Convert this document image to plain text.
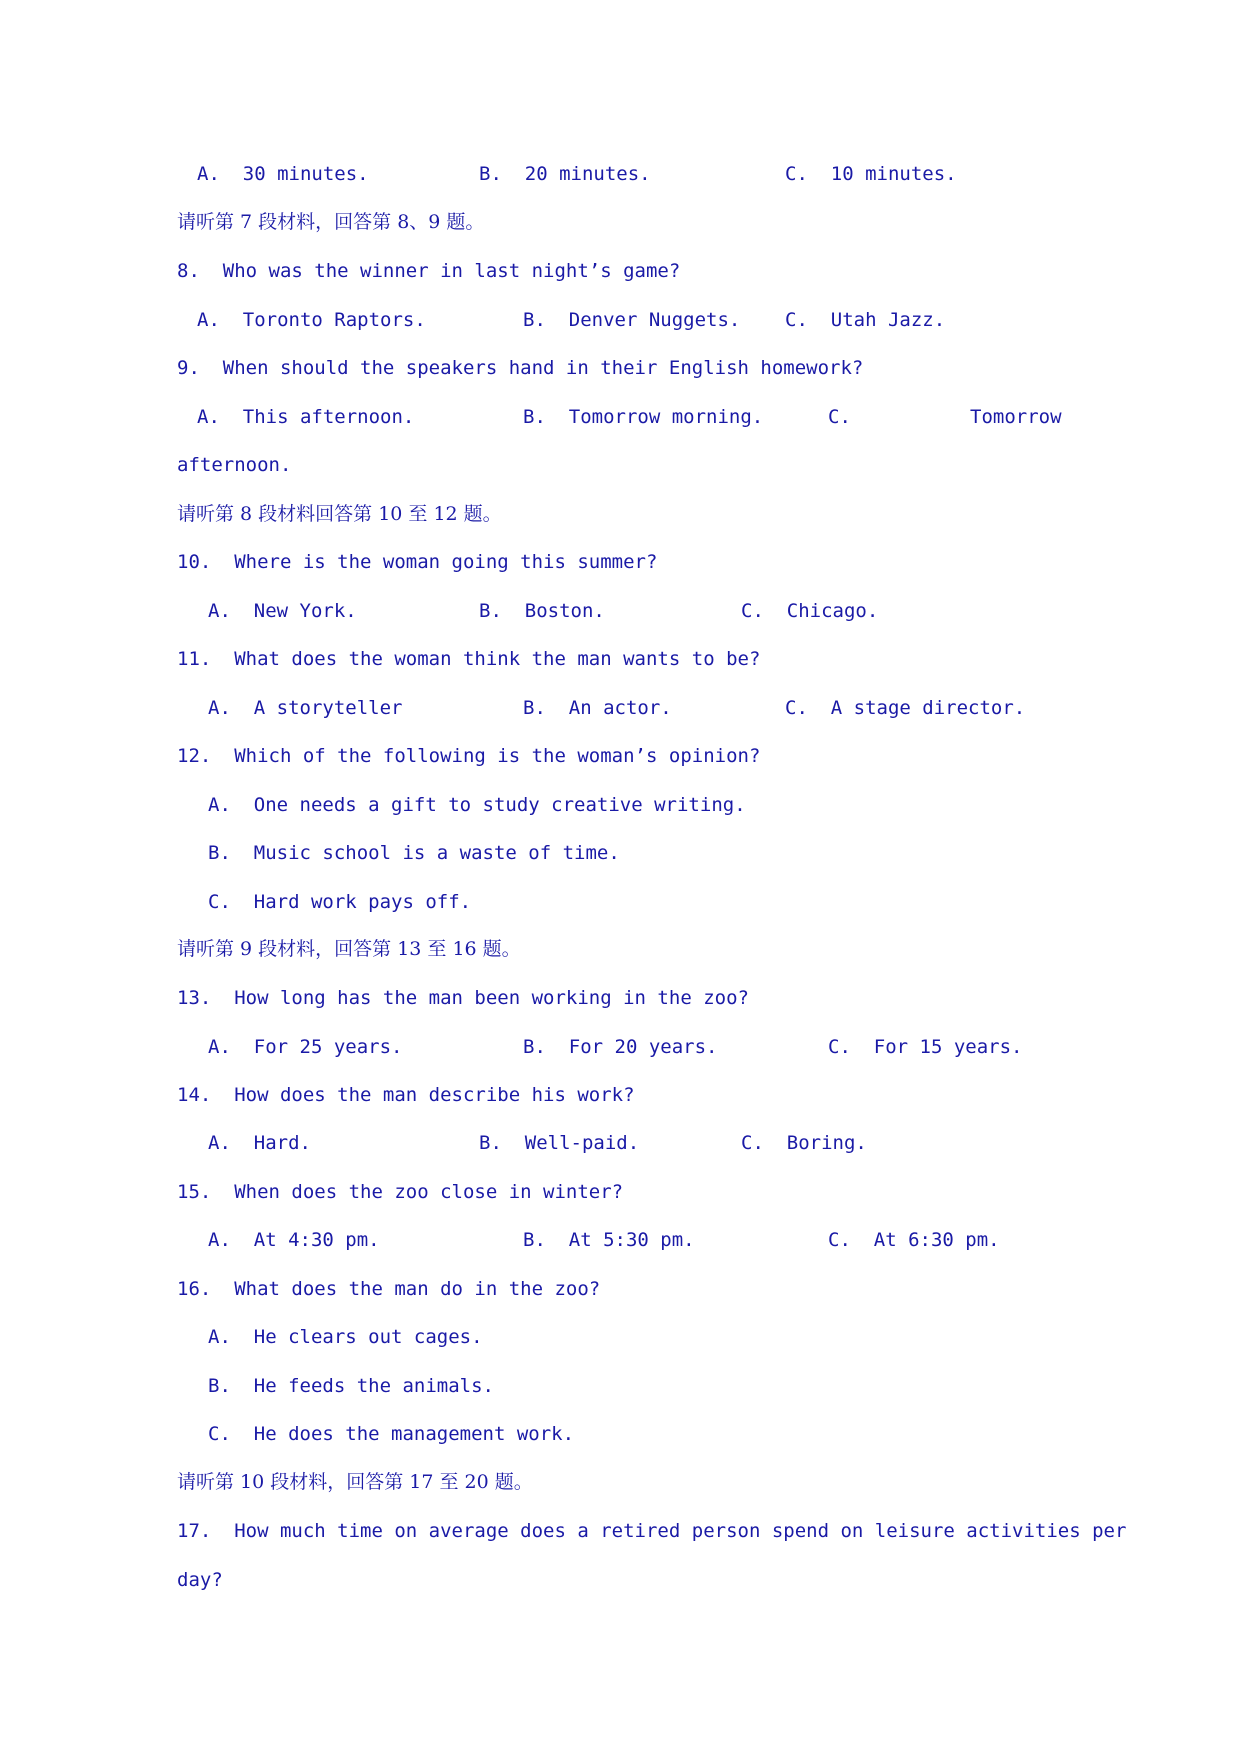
A.  30 minutes.	B.  20 minutes.	C.  10 minutes.
请听第 7 段材料，回答第 8、9 题。
8.  Who was the winner in last night’s game?
A.  Toronto Raptors.	B.  Denver Nuggets. C.  Utah Jazz.
9.  When should the speakers hand in their English homework?
A.  This afternoon.	B.  Tomorrow morning.	C.	Tomorrow
afternoon.
请听第 8 段材料回答第 10 至 12 题。
10.  Where is the woman going this summer?
A.  New York.	B.  Boston.	C.  Chicago.
11.  What does the woman think the man wants to be?
A.  A storyteller	B.  An actor.	C.  A stage director.
12.  Which of the following is the woman’s opinion?
A.  One needs a gift to study creative writing.
B.  Music school is a waste of time.
C.  Hard work pays off.
请听第 9 段材料，回答第 13 至 16 题。
13.  How long has the man been working in the zoo?
A.  For 25 years.	B.  For 20 years.	C.  For 15 years.
14.  How does the man describe his work?
A.  Hard.	B.  Well-paid.	C.  Boring.
15.  When does the zoo close in winter?
A.  At 4:30 pm.	B.  At 5:30 pm.	C.  At 6:30 pm.
16.  What does the man do in the zoo?
A.  He clears out cages.
B.  He feeds the animals.
C.  He does the management work.
请听第 10 段材料，回答第 17 至 20 题。
17.  How much time on average does a retired person spend on leisure activities per
day?
